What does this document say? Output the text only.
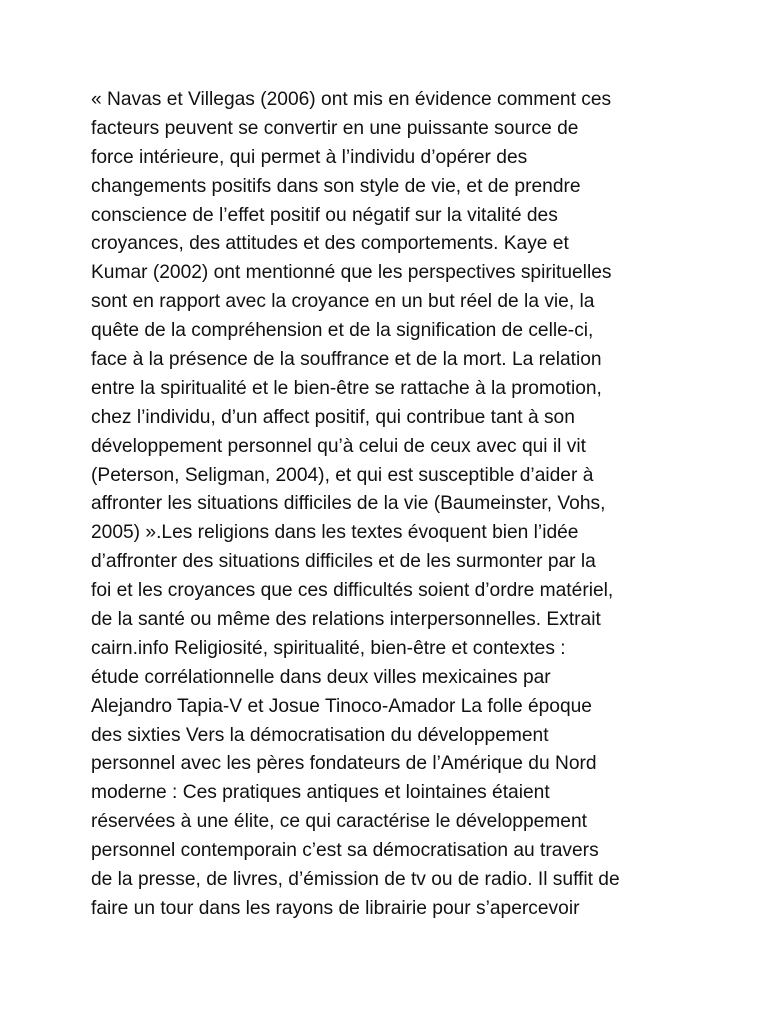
« Navas et Villegas (2006) ont mis en évidence comment ces
facteurs peuvent se convertir en une puissante source de
force intérieure, qui permet à l’individu d’opérer des
changements positifs dans son style de vie, et de prendre
conscience de l’effet positif ou négatif sur la vitalité des
croyances, des attitudes et des comportements. Kaye et
Kumar (2002) ont mentionné que les perspectives spirituelles
sont en rapport avec la croyance en un but réel de la vie, la
quête de la compréhension et de la signification de celle-ci,
face à la présence de la souffrance et de la mort. La relation
entre la spiritualité et le bien-être se rattache à la promotion,
chez l’individu, d’un affect positif, qui contribue tant à son
développement personnel qu’à celui de ceux avec qui il vit
(Peterson, Seligman, 2004), et qui est susceptible d’aider à
affronter les situations difficiles de la vie (Baumeinster, Vohs,
2005) ».Les religions dans les textes évoquent bien l’idée
d’affronter des situations difficiles et de les surmonter par la
foi et les croyances que ces difficultés soient d’ordre matériel,
de la santé ou même des relations interpersonnelles. Extrait
cairn.info Religiosité, spiritualité, bien-être et contextes :
étude corrélationnelle dans deux villes mexicaines par
Alejandro Tapia-V et Josue Tinoco-Amador La folle époque
des sixties Vers la démocratisation du développement
personnel avec les pères fondateurs de l’Amérique du Nord
moderne : Ces pratiques antiques et lointaines étaient
réservées à une élite, ce qui caractérise le développement
personnel contemporain c’est sa démocratisation au travers
de la presse, de livres, d’émission de tv ou de radio. Il suffit de
faire un tour dans les rayons de librairie pour s’apercevoir
